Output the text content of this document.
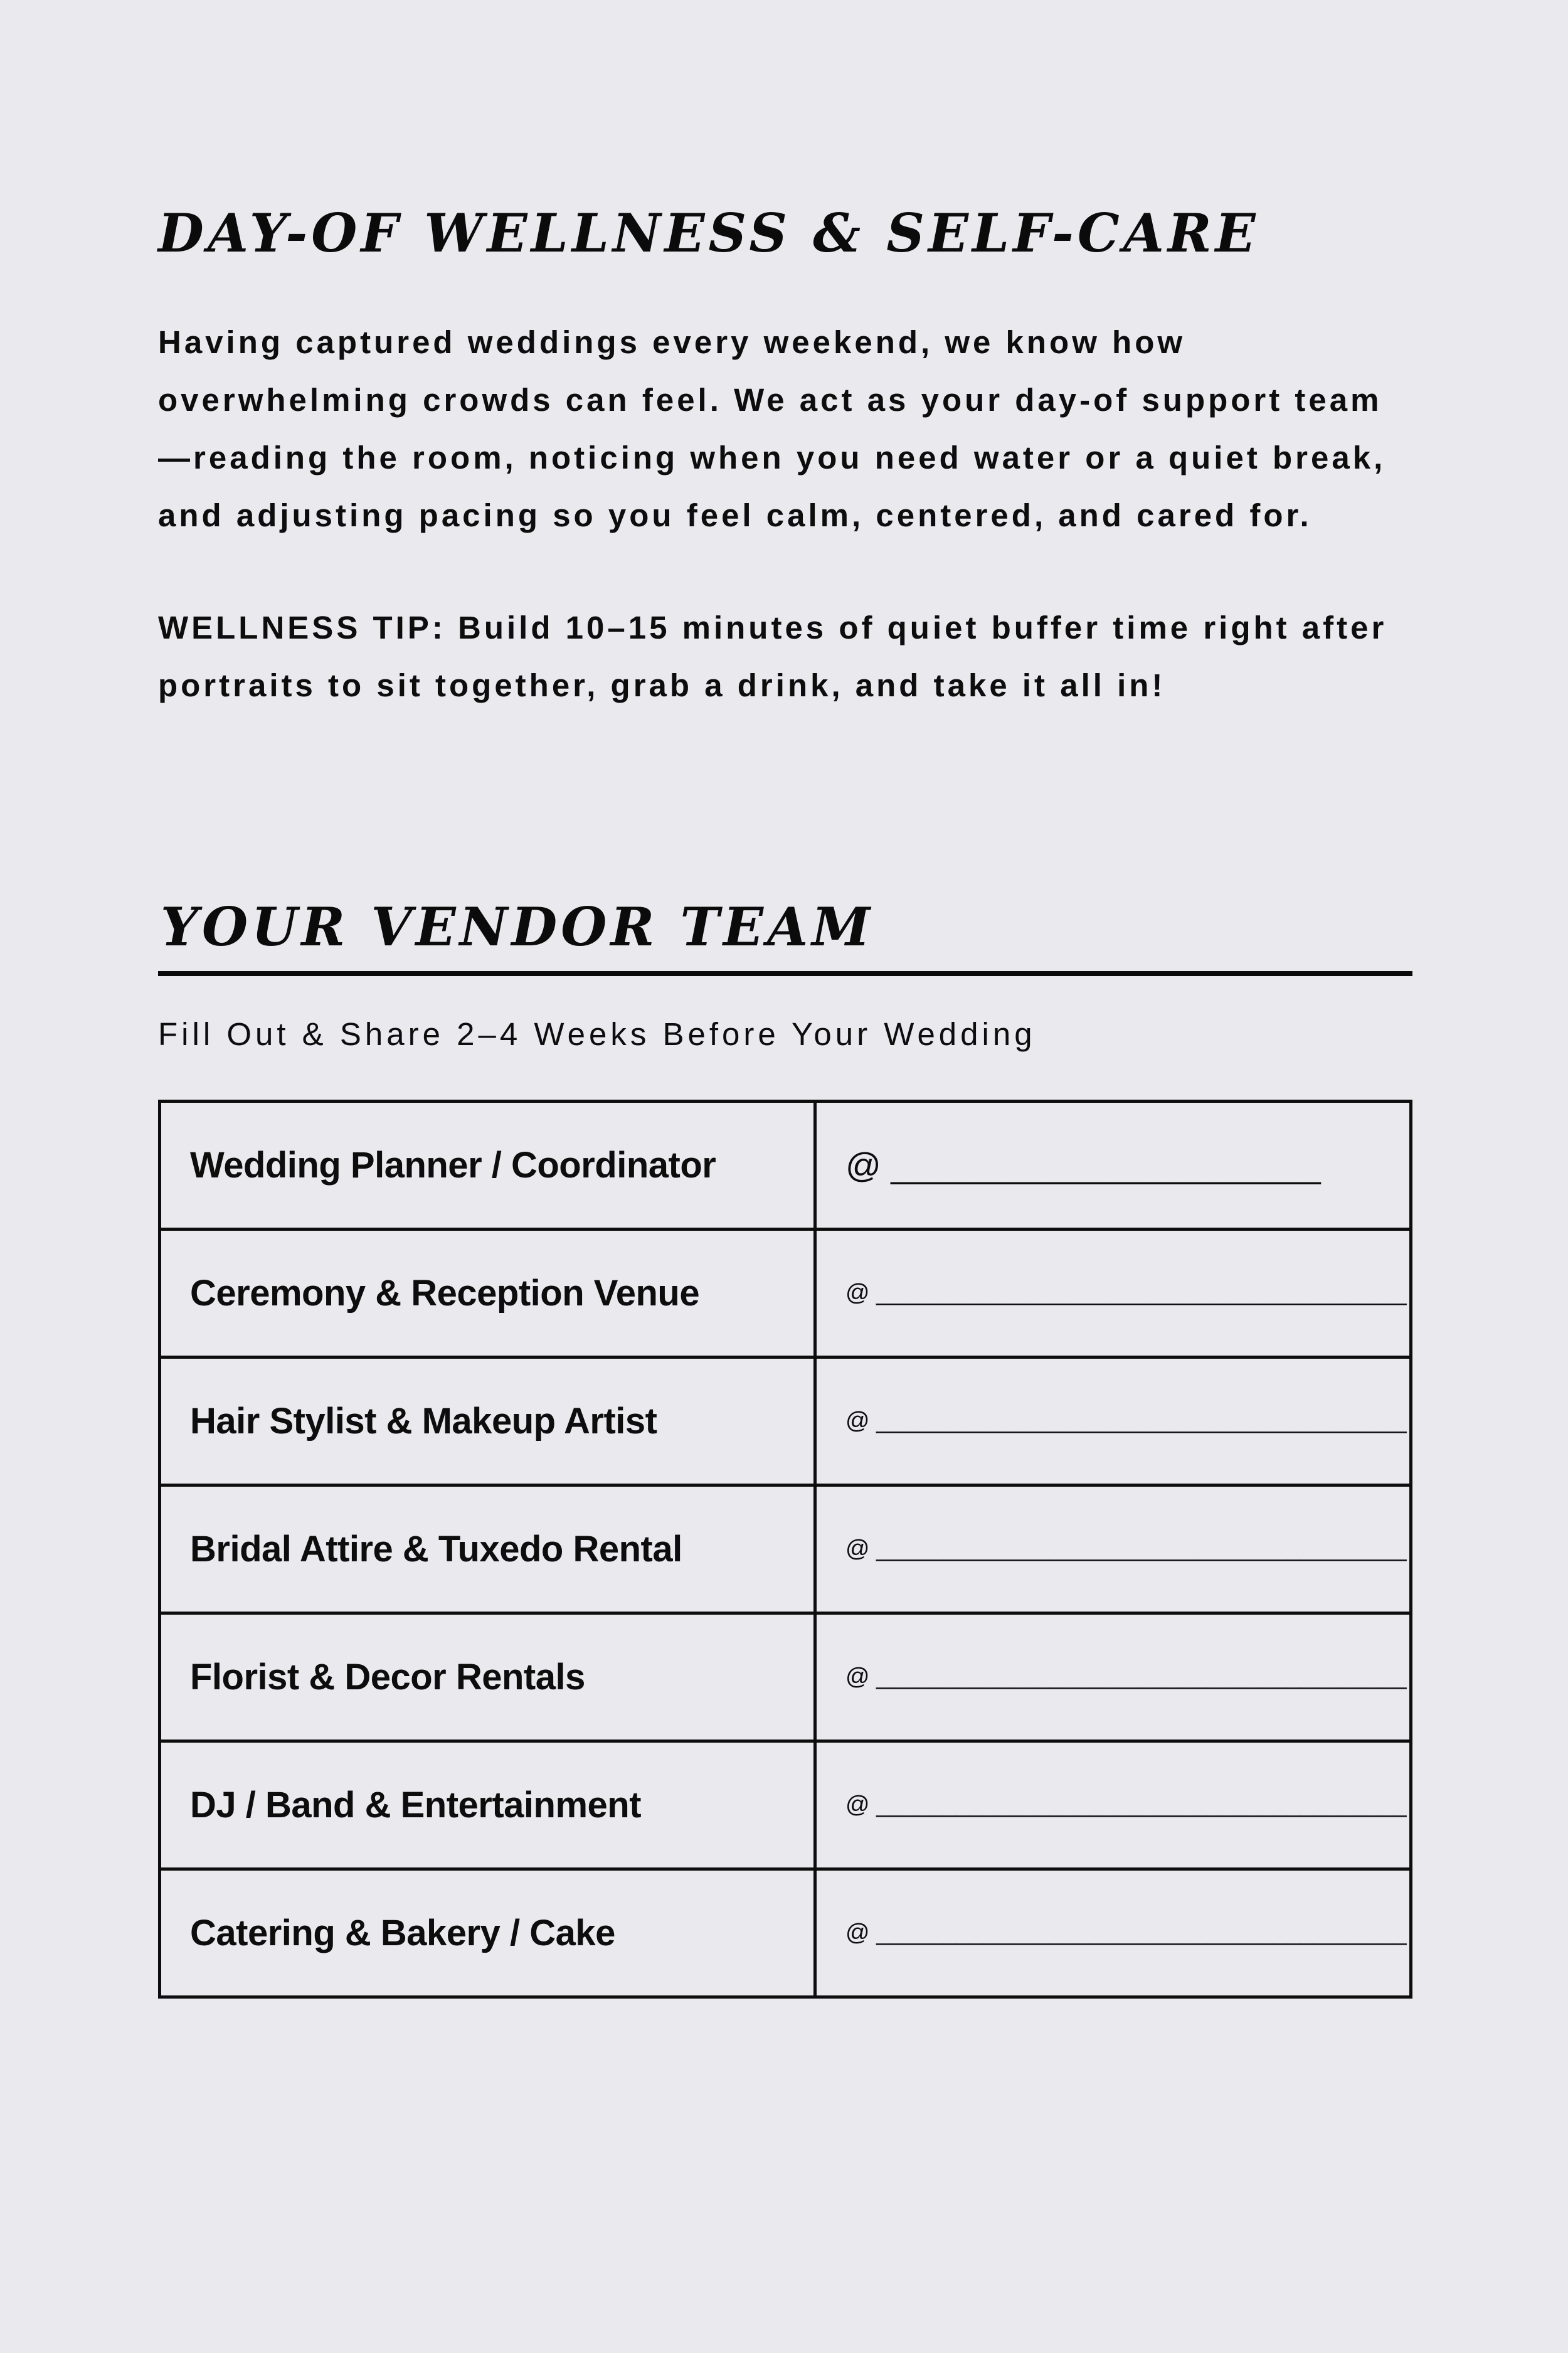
DAY-OF WELLNESS & SELF-CARE

Having captured weddings every weekend, we know how
overwhelming crowds can feel. We act as your day-of support team
—reading the room, noticing when you need water or a quiet break,
and adjusting pacing so you feel calm, centered, and cared for.

WELLNESS TIP: Build 10–15 minutes of quiet buffer time right after
portraits to sit together, grab a drink, and take it all in!

YOUR VENDOR TEAM

Fill Out & Share 2–4 Weeks Before Your Wedding

Wedding Planner / Coordinator	@ ______________________
Ceremony & Reception Venue	@ ________________________________________
Hair Stylist & Makeup Artist	@ ________________________________________
Bridal Attire & Tuxedo Rental	@ ________________________________________
Florist & Decor Rentals	@ ________________________________________
DJ / Band & Entertainment	@ ________________________________________
Catering & Bakery / Cake	@ ________________________________________
